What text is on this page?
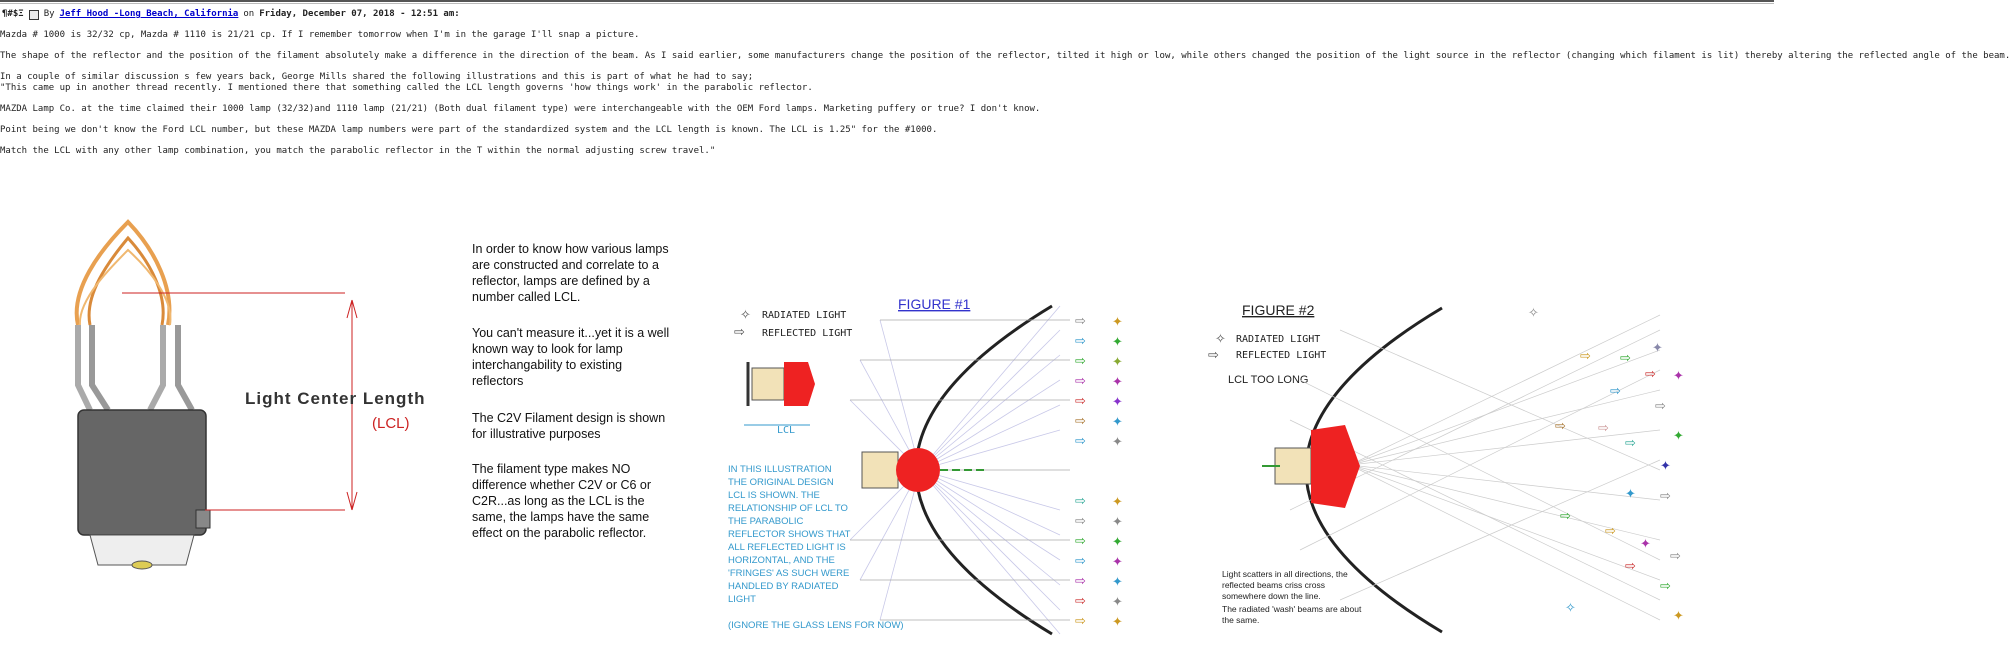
¶#$Ξ By Jeff Hood -Long Beach, California on Friday, December 07, 2018 - 12:51 am:

Mazda # 1000 is 32/32 cp, Mazda # 1110 is 21/21 cp. If I remember tomorrow when I'm in the garage I'll snap a picture.

The shape of the reflector and the position of the filament absolutely make a difference in the direction of the beam. As I said earlier, some manufacturers change the position of the reflector, tilted it high or low, while others changed the position of the light source in the reflector (changing which filament is lit) thereby altering the reflected angle of the beam.

In a couple of similar discussion s few years back, George Mills shared the following illustrations and this is part of what he had to say;

"This came up in another thread recently. I mentioned there that something called the LCL length governs 'how things work' in the parabolic reflector.

MAZDA Lamp Co. at the time claimed their 1000 lamp (32/32)and 1110 lamp (21/21) (Both dual filament type) were interchangeable with the OEM Ford lamps. Marketing puffery or true? I don't know.

Point being we don't know the Ford LCL number, but these MAZDA lamp numbers were part of the standardized system and the LCL length is known. The LCL is 1.25" for the #1000.

Match the LCL with any other lamp combination, you match the parabolic reflector in the T within the normal adjusting screw travel."

Light Center Length
(LCL)
In order to know how various lamps
are constructed and correlate to a
reflector, lamps are defined by a
number called LCL.
You can't measure it...yet it is a well
known way to look for lamp
interchangability to existing
reflectors
The C2V Filament design is shown
for illustrative purposes
The filament type makes NO
difference whether C2V or C6 or
C2R...as long as the LCL is the
same, the lamps have the same
effect on the parabolic reflector.
FIGURE #1
✧ RADIATED LIGHT
⇨ REFLECTED LIGHT
LCL
⇨ ✦
⇨ ✦
⇨ ✦
⇨ ✦
⇨ ✦
⇨ ✦
⇨ ✦
⇨ ✦
⇨ ✦
⇨ ✦
⇨ ✦
⇨ ✦
⇨ ✦
⇨ ✦
IN THIS ILLUSTRATION
THE ORIGINAL DESIGN
LCL IS SHOWN. THE
RELATIONSHIP OF LCL TO
THE PARABOLIC
REFLECTOR SHOWS THAT
ALL REFLECTED LIGHT IS
HORIZONTAL, AND THE
'FRINGES' AS SUCH WERE
HANDLED BY RADIATED
LIGHT
(IGNORE THE GLASS LENS FOR NOW)
FIGURE #2
✧ RADIATED LIGHT
⇨ REFLECTED LIGHT
LCL TOO LONG
✧
✦
⇨ ⇨
⇨ ✦
⇨
⇨
⇨ ⇨
⇨	✦
✦
✦ ⇨
⇨
⇨
✦
⇨
⇨
⇨
✧
✦
Light scatters in all directions, the
reflected beams criss cross
somewhere down the line.
The radiated 'wash' beams are about
the same.
